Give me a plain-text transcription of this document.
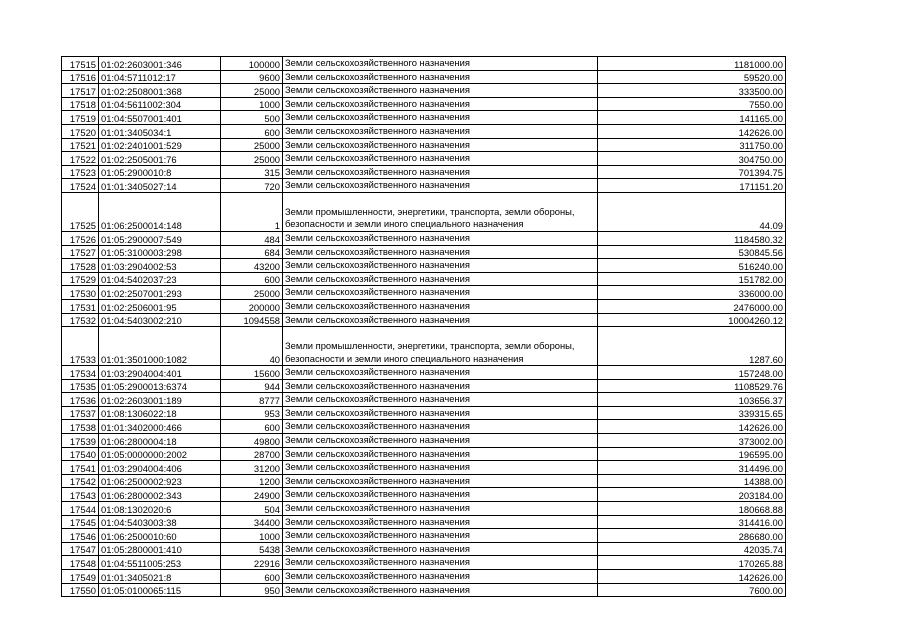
17515	01:02:2603001:346	100000	Земли сельскохозяйственного назначения	1181000.00
17516	01:04:5711012:17	9600	Земли сельскохозяйственного назначения	59520.00
17517	01:02:2508001:368	25000	Земли сельскохозяйственного назначения	333500.00
17518	01:04:5611002:304	1000	Земли сельскохозяйственного назначения	7550.00
17519	01:04:5507001:401	500	Земли сельскохозяйственного назначения	141165.00
17520	01:01:3405034:1	600	Земли сельскохозяйственного назначения	142626.00
17521	01:02:2401001:529	25000	Земли сельскохозяйственного назначения	311750.00
17522	01:02:2505001:76	25000	Земли сельскохозяйственного назначения	304750.00
17523	01:05:2900010:8	315	Земли сельскохозяйственного назначения	701394.75
17524	01:01:3405027:14	720	Земли сельскохозяйственного назначения	171151.20
17525	01:06:2500014:148	1	Земли промышленности, энергетики, транспорта, земли обороны, безопасности и земли иного специального назначения	44.09
17526	01:05:2900007:549	484	Земли сельскохозяйственного назначения	1184580.32
17527	01:05:3100003:298	684	Земли сельскохозяйственного назначения	530845.56
17528	01:03:2904002:53	43200	Земли сельскохозяйственного назначения	516240.00
17529	01:04:5402037:23	600	Земли сельскохозяйственного назначения	151782.00
17530	01:02:2507001:293	25000	Земли сельскохозяйственного назначения	336000.00
17531	01:02:2506001:95	200000	Земли сельскохозяйственного назначения	2476000.00
17532	01:04:5403002:210	1094558	Земли сельскохозяйственного назначения	10004260.12
17533	01:01:3501000:1082	40	Земли промышленности, энергетики, транспорта, земли обороны, безопасности и земли иного специального назначения	1287.60
17534	01:03:2904004:401	15600	Земли сельскохозяйственного назначения	157248.00
17535	01:05:2900013:6374	944	Земли сельскохозяйственного назначения	1108529.76
17536	01:02:2603001:189	8777	Земли сельскохозяйственного назначения	103656.37
17537	01:08:1306022:18	953	Земли сельскохозяйственного назначения	339315.65
17538	01:01:3402000:466	600	Земли сельскохозяйственного назначения	142626.00
17539	01:06:2800004:18	49800	Земли сельскохозяйственного назначения	373002.00
17540	01:05:0000000:2002	28700	Земли сельскохозяйственного назначения	196595.00
17541	01:03:2904004:406	31200	Земли сельскохозяйственного назначения	314496.00
17542	01:06:2500002:923	1200	Земли сельскохозяйственного назначения	14388.00
17543	01:06:2800002:343	24900	Земли сельскохозяйственного назначения	203184.00
17544	01:08:1302020:6	504	Земли сельскохозяйственного назначения	180668.88
17545	01:04:5403003:38	34400	Земли сельскохозяйственного назначения	314416.00
17546	01:06:2500010:60	1000	Земли сельскохозяйственного назначения	286680.00
17547	01:05:2800001:410	5438	Земли сельскохозяйственного назначения	42035.74
17548	01:04:5511005:253	22916	Земли сельскохозяйственного назначения	170265.88
17549	01:01:3405021:8	600	Земли сельскохозяйственного назначения	142626.00
17550	01:05:0100065:115	950	Земли сельскохозяйственного назначения	7600.00
